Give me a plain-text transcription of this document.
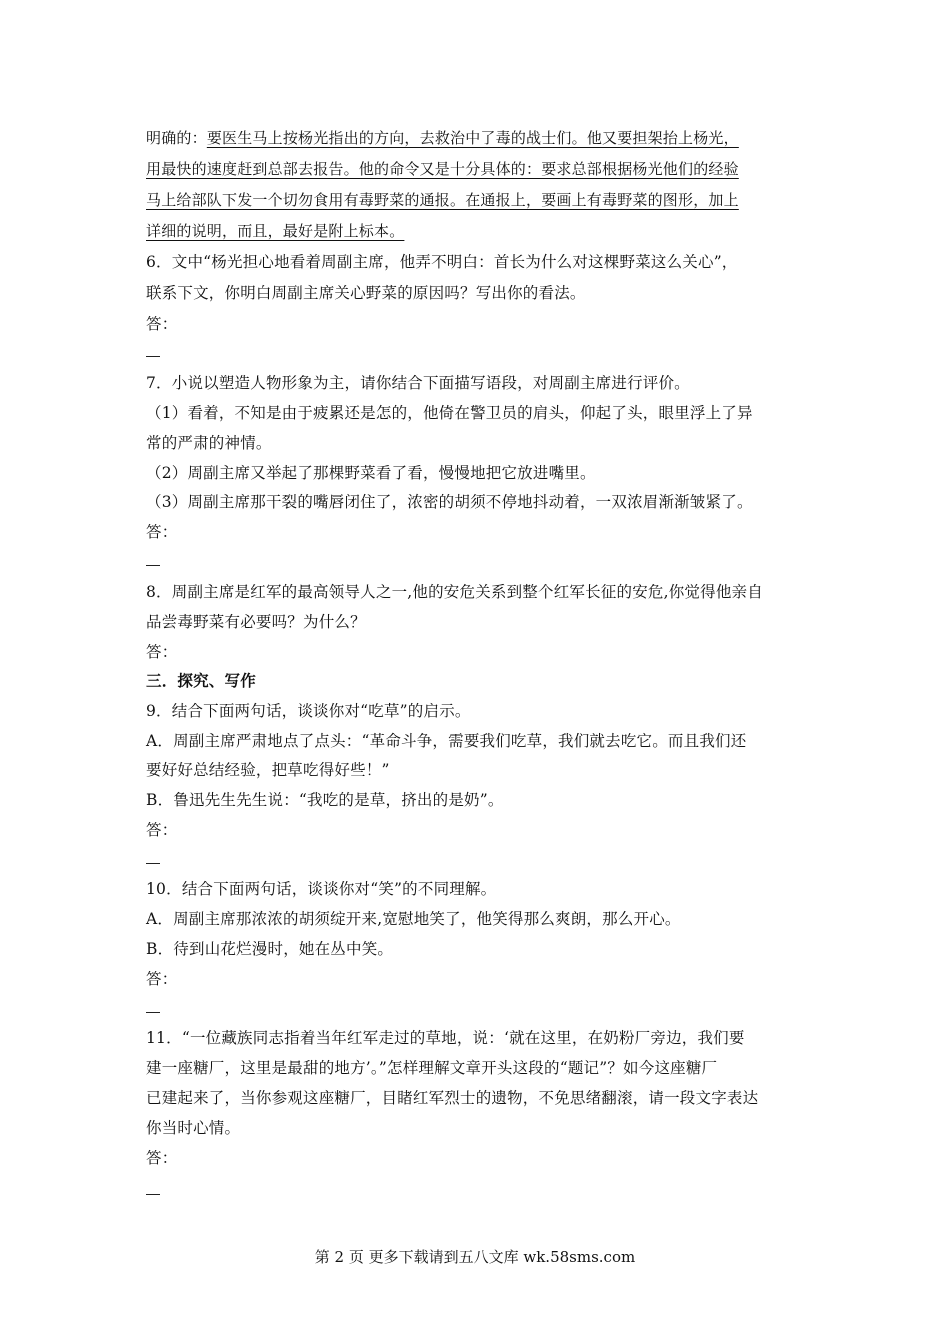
明确的：要医生马上按杨光指出的方向，去救治中了毒的战士们。他又要担架抬上杨光，
用最快的速度赶到总部去报告。他的命令又是十分具体的：要求总部根据杨光他们的经验
马上给部队下发一个切勿食用有毒野菜的通报。在通报上，要画上有毒野菜的图形，加上
详细的说明，而且，最好是附上标本。
6．文中“杨光担心地看着周副主席，他弄不明白：首长为什么对这棵野菜这么关心”，
联系下文，你明白周副主席关心野菜的原因吗？写出你的看法。
答：
7．小说以塑造人物形象为主，请你结合下面描写语段，对周副主席进行评价。
（1）看着，不知是由于疲累还是怎的，他倚在警卫员的肩头，仰起了头，眼里浮上了异
常的严肃的神情。
（2）周副主席又举起了那棵野菜看了看，慢慢地把它放进嘴里。
（3）周副主席那干裂的嘴唇闭住了，浓密的胡须不停地抖动着，一双浓眉渐渐皱紧了。
答：
8．周副主席是红军的最高领导人之一,他的安危关系到整个红军长征的安危,你觉得他亲自
品尝毒野菜有必要吗？为什么？
答：
三．探究、写作
9．结合下面两句话，谈谈你对“吃草”的启示。
A．周副主席严肃地点了点头：“革命斗争，需要我们吃草，我们就去吃它。而且我们还
要好好总结经验，把草吃得好些！”
B．鲁迅先生先生说：“我吃的是草，挤出的是奶”。
答：
10．结合下面两句话，谈谈你对“笑”的不同理解。
A．周副主席那浓浓的胡须绽开来,宽慰地笑了，他笑得那么爽朗，那么开心。
B．待到山花烂漫时，她在丛中笑。
答：
11．“一位藏族同志指着当年红军走过的草地，说：‘就在这里，在奶粉厂旁边，我们要
建一座糖厂，这里是最甜的地方’。”怎样理解文章开头这段的“题记”？如今这座糖厂
已建起来了，当你参观这座糖厂，目睹红军烈士的遗物，不免思绪翻滚，请一段文字表达
你当时心情。
答：
第 2 页 更多下载请到五八文库 wk.58sms.com
